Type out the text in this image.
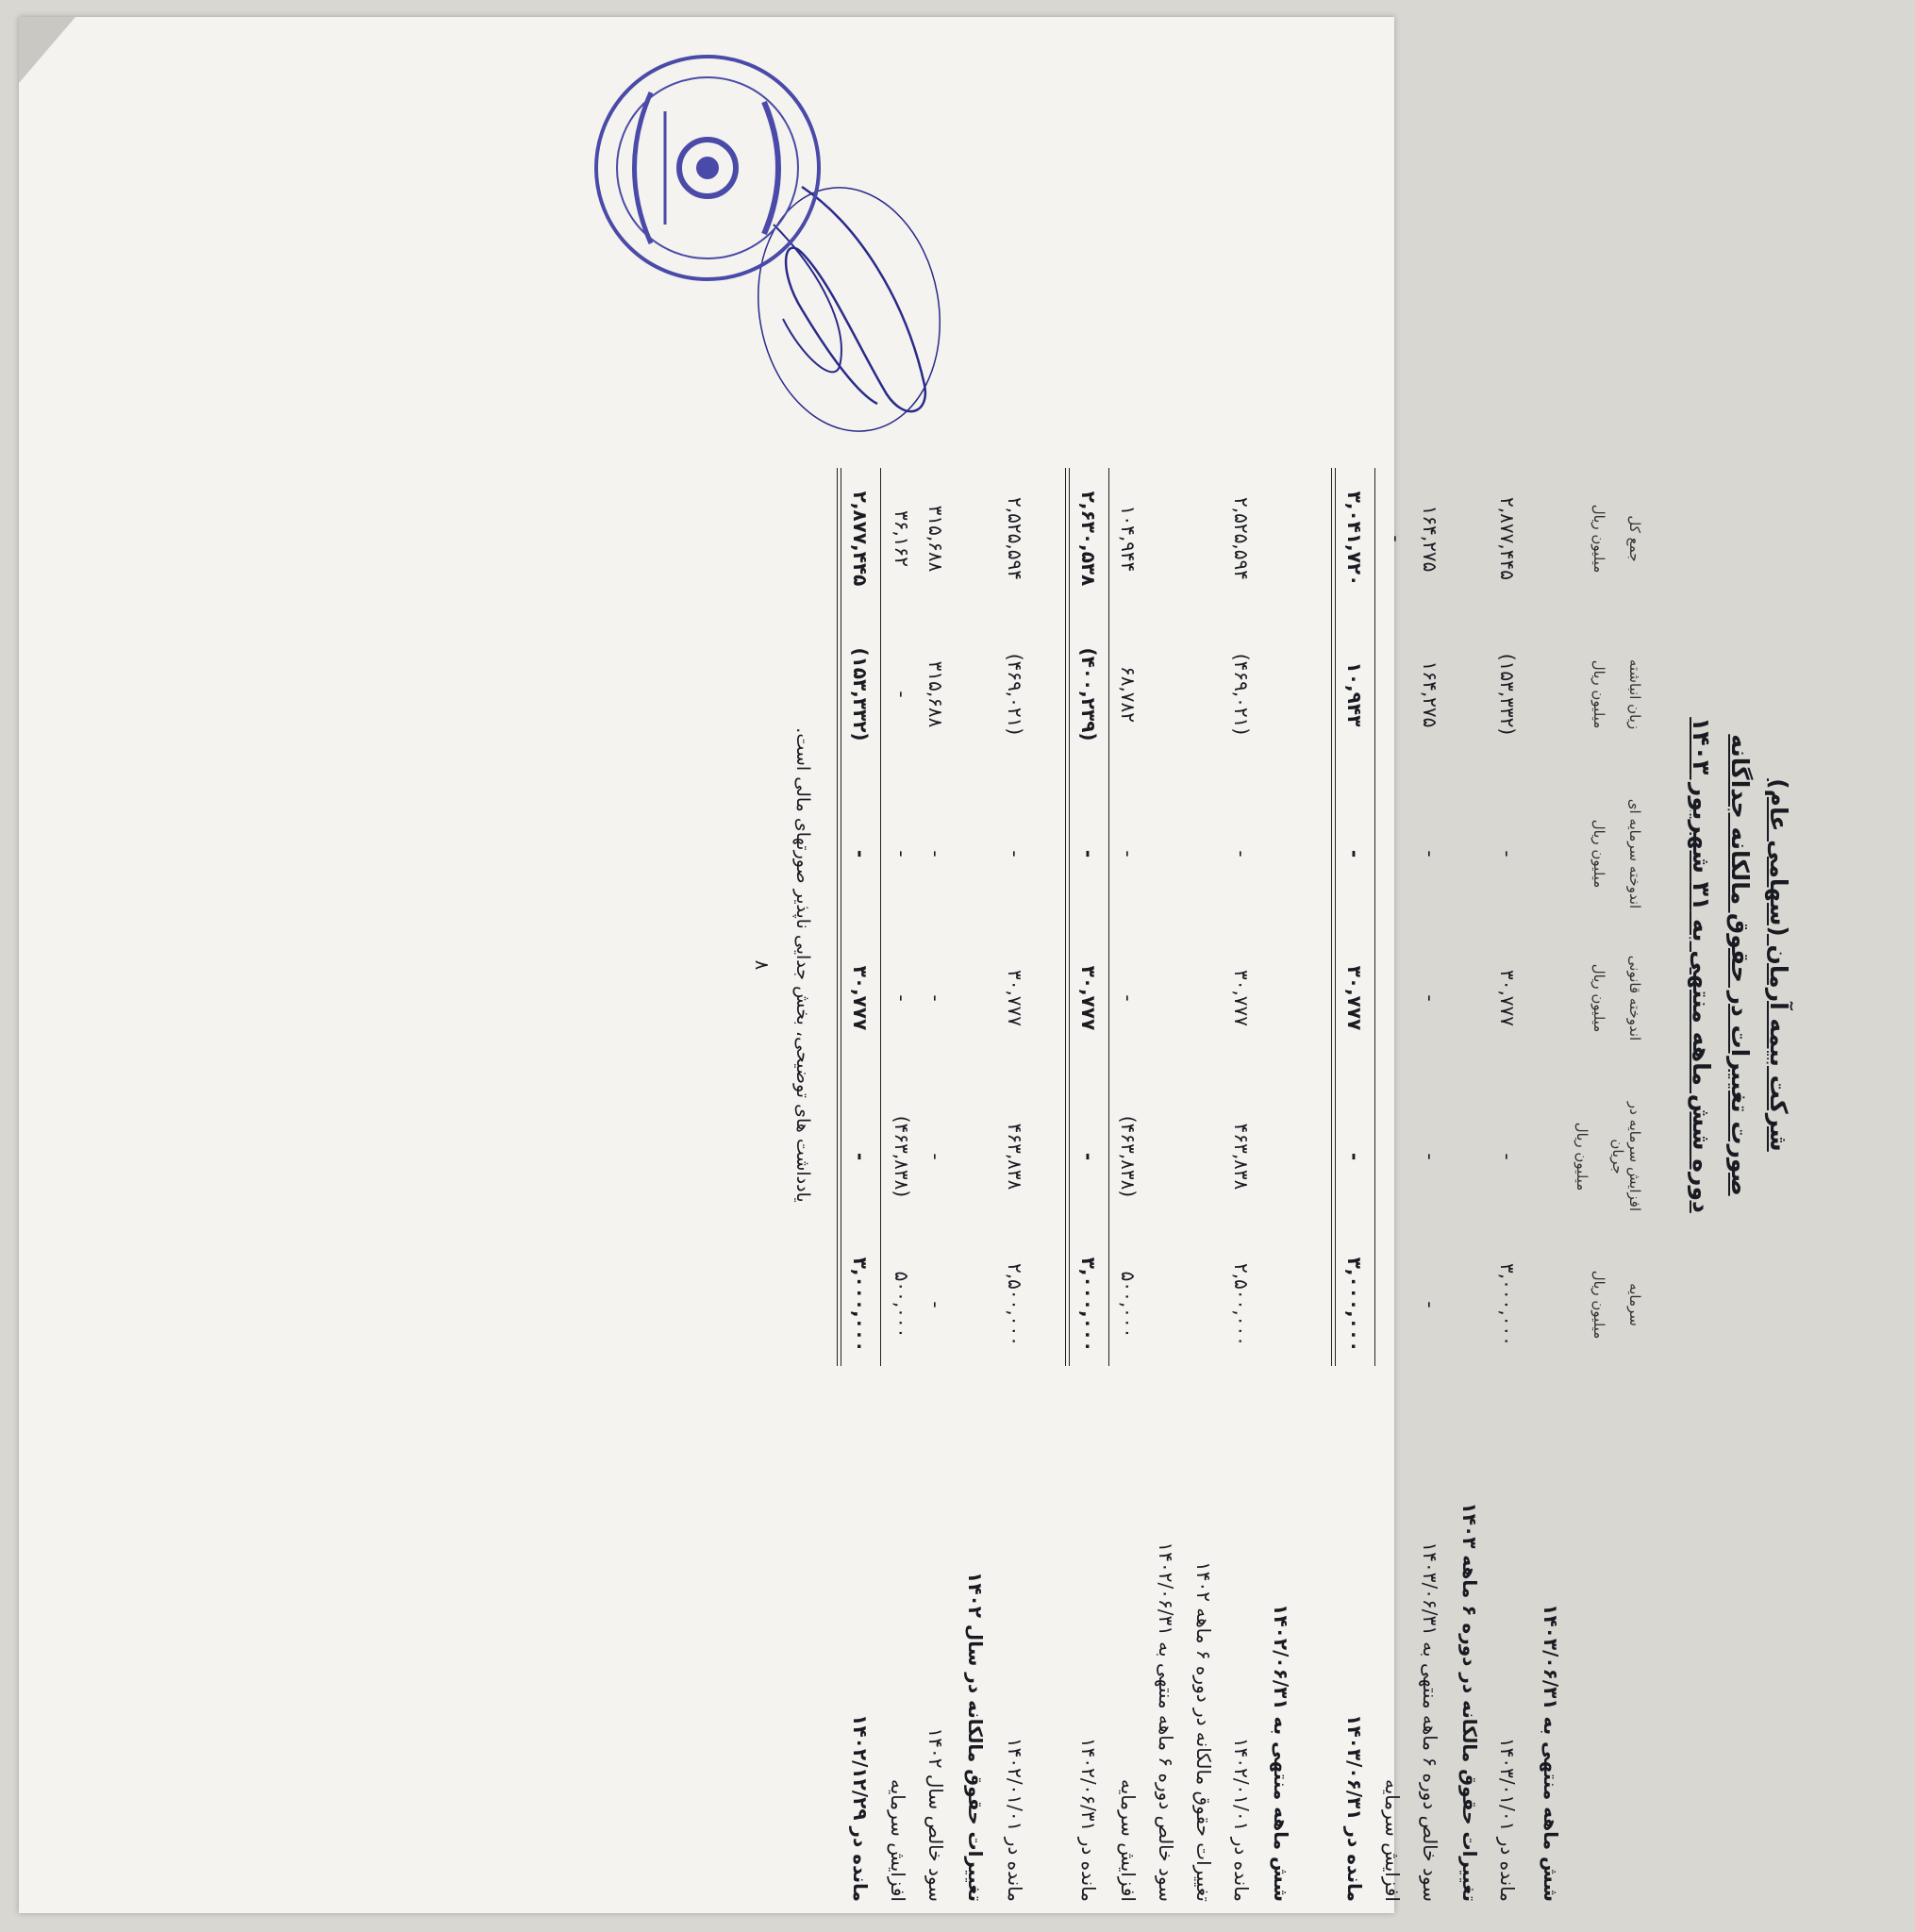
شرکت بیمه آرمان (سهامی عام)
صورت تغییرات در حقوق مالکانه جداگانه
دوره شش ماهه منتهی به ۳۱ شهریور ۱۴۰۳
سرمایه
میلیون ریال
افزایش سرمایه در جریان
میلیون ریال
اندوخته قانونی
میلیون ریال
اندوخته سرمایه ای
میلیون ریال
زیان انباشته
میلیون ریال
جمع کل
میلیون ریال
شش ماهه منتهی به ۱۴۰۳/۰۶/۳۱
مانده در ۱۴۰۳/۰۱/۰۱
تغییرات حقوق مالکانه در دوره ۶ ماهه ۱۴۰۳
سود خالص دوره ۶ ماهه منتهی به ۱۴۰۳/۰۶/۳۱
افزایش سرمایه
مانده در ۱۴۰۳/۰۶/۳۱
شش ماهه منتهی به ۱۴۰۲/۰۶/۳۱
مانده در ۱۴۰۲/۰۱/۰۱
تغییرات حقوق مالکانه در دوره ۶ ماهه ۱۴۰۲
سود خالص دوره ۶ ماهه منتهی به ۱۴۰۲/۰۶/۳۱
افزایش سرمایه
مانده در ۱۴۰۲/۰۶/۳۱
مانده در ۱۴۰۲/۰۱/۰۱
تغییرات حقوق مالکانه در سال ۱۴۰۲
سود خالص سال ۱۴۰۲
افزایش سرمایه
مانده در ۱۴۰۲/۱۲/۲۹
۳,۰۰۰,۰۰۰
-
۳۰,۷۷۷
-
(۱۵۳,۳۳۲)
۲,۸۷۷,۴۴۵
-
-
-
-
۱۶۴,۲۷۵
۱۶۴,۲۷۵
-
۳,۰۰۰,۰۰۰
-
۳۰,۷۷۷
-
۱۰,۹۴۳
۳,۰۴۱,۷۲۰
۲,۵۰۰,۰۰۰
۴۶۳,۸۳۸
۳۰,۷۷۷
-
(۴۶۹,۰۲۱)
۲,۵۲۵,۵۹۴
۵۰۰,۰۰۰
(۴۶۳,۸۳۸)
-
-
۶۸,۷۸۲
۱۰۴,۹۴۴
۳,۰۰۰,۰۰۰
-
۳۰,۷۷۷
-
(۴۰۰,۲۳۹)
۲,۶۳۰,۵۳۸
۲,۵۰۰,۰۰۰
۴۶۳,۸۳۸
۳۰,۷۷۷
-
(۴۶۹,۰۲۱)
۲,۵۲۵,۵۹۴
-
-
-
-
۳۱۵,۶۸۸
۳۱۵,۶۸۸
۵۰۰,۰۰۰
(۴۶۳,۸۳۸)
-
-
-
۳۶,۱۶۲
۳,۰۰۰,۰۰۰
-
۳۰,۷۷۷
-
(۱۵۳,۳۳۲)
۲,۸۷۷,۴۴۵
یادداشت های توضیحی، بخش جدایی ناپذیر صورتهای مالی است.
۸
